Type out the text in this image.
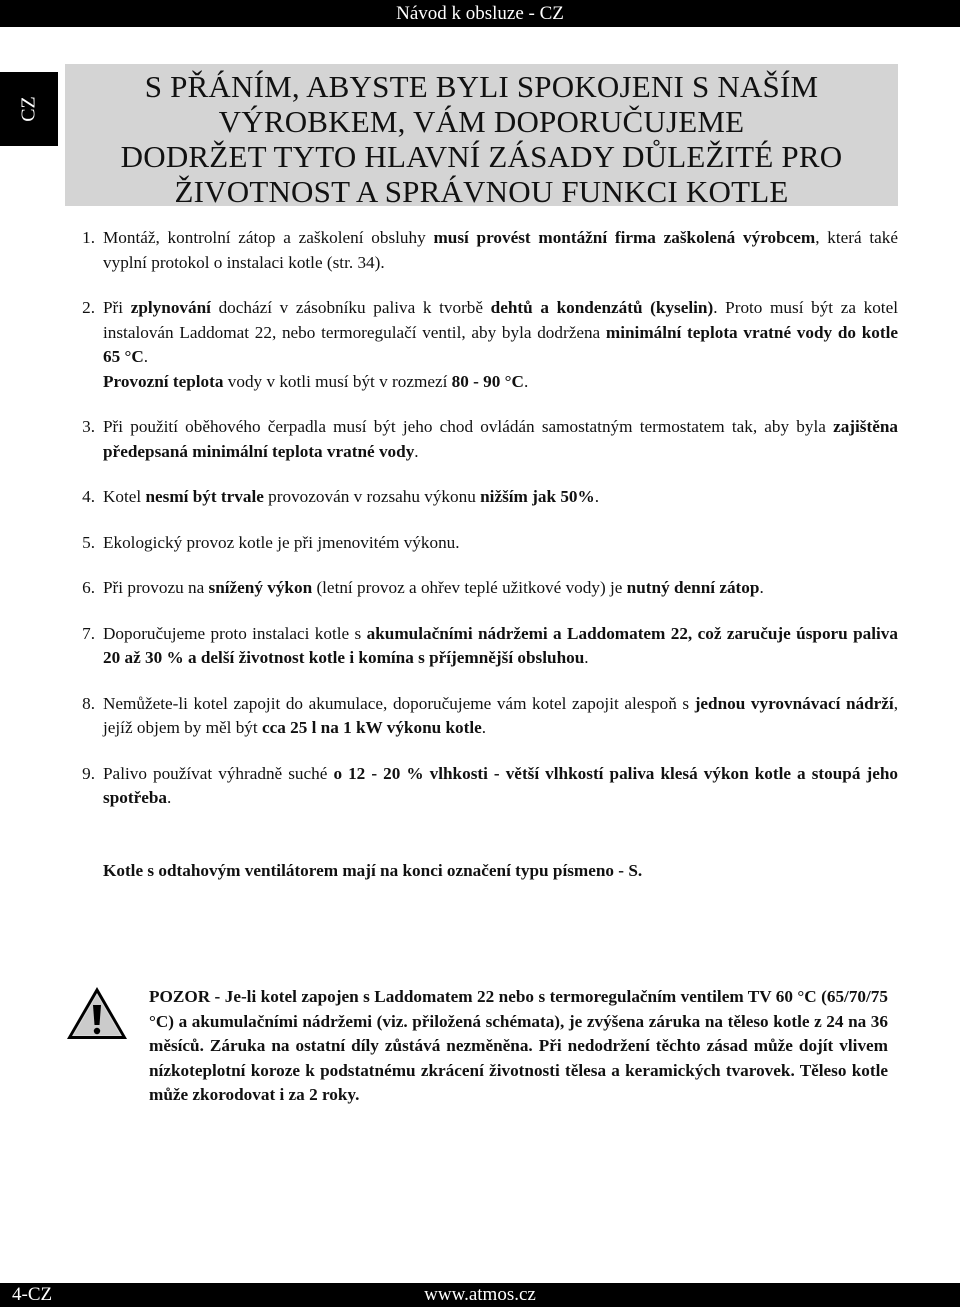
Návod k obsluze - CZ
CZ
S PŘÁNÍM, ABYSTE BYLI SPOKOJENI S NAŠÍM
VÝROBKEM, VÁM DOPORUČUJEME
DODRŽET TYTO HLAVNÍ ZÁSADY DŮLEŽITÉ PRO
ŽIVOTNOST A SPRÁVNOU FUNKCI KOTLE
1. Montáž, kontrolní zátop a zaškolení obsluhy musí provést montážní firma zaškolená výrobcem, která také vyplní protokol o instalaci kotle (str. 34).
2. Při zplynování dochází v zásobníku paliva k tvorbě dehtů a kondenzátů (kyselin). Proto musí být za kotel instalován Laddomat 22, nebo termoregulačí ventil, aby byla dodržena minimální teplota vratné vody do kotle 65 °C.
Provozní teplota vody v kotli musí být v rozmezí 80 - 90 °C.
3. Při použití oběhového čerpadla musí být jeho chod ovládán samostatným termostatem tak, aby byla zajištěna předepsaná minimální teplota vratné vody.
4. Kotel nesmí být trvale provozován v rozsahu výkonu nižším jak 50%.
5. Ekologický provoz kotle je při jmenovitém výkonu.
6. Při provozu na snížený výkon (letní provoz a ohřev teplé užitkové vody) je nutný denní zátop.
7. Doporučujeme proto instalaci kotle s akumulačními nádržemi a Laddomatem 22, což zaručuje úsporu paliva 20 až 30 % a delší životnost kotle i komína s příjemnější obsluhou.
8. Nemůžete-li kotel zapojit do akumulace, doporučujeme vám kotel zapojit alespoň s jednou vyrovnávací nádrží, jejíž objem by měl být cca 25 l na 1 kW výkonu kotle.
9. Palivo používat výhradně suché o 12 - 20 % vlhkosti - větší vlhkostí paliva klesá výkon kotle a stoupá jeho spotřeba.
Kotle s odtahovým ventilátorem mají na konci označení typu písmeno - S.
POZOR - Je-li kotel zapojen s Laddomatem 22 nebo s termoregulačním ventilem TV 60 °C (65/70/75 °C) a akumulačními nádržemi (viz. přiložená schémata), je zvýšena záruka na těleso kotle z 24 na 36 měsíců. Záruka na ostatní díly zůstává nezměněna. Při nedodržení těchto zásad může dojít vlivem nízkoteplotní koroze k podstatnému zkrácení životnosti tělesa a keramických tvarovek. Těleso kotle může zkorodovat i za 2 roky.
4-CZ	www.atmos.cz
